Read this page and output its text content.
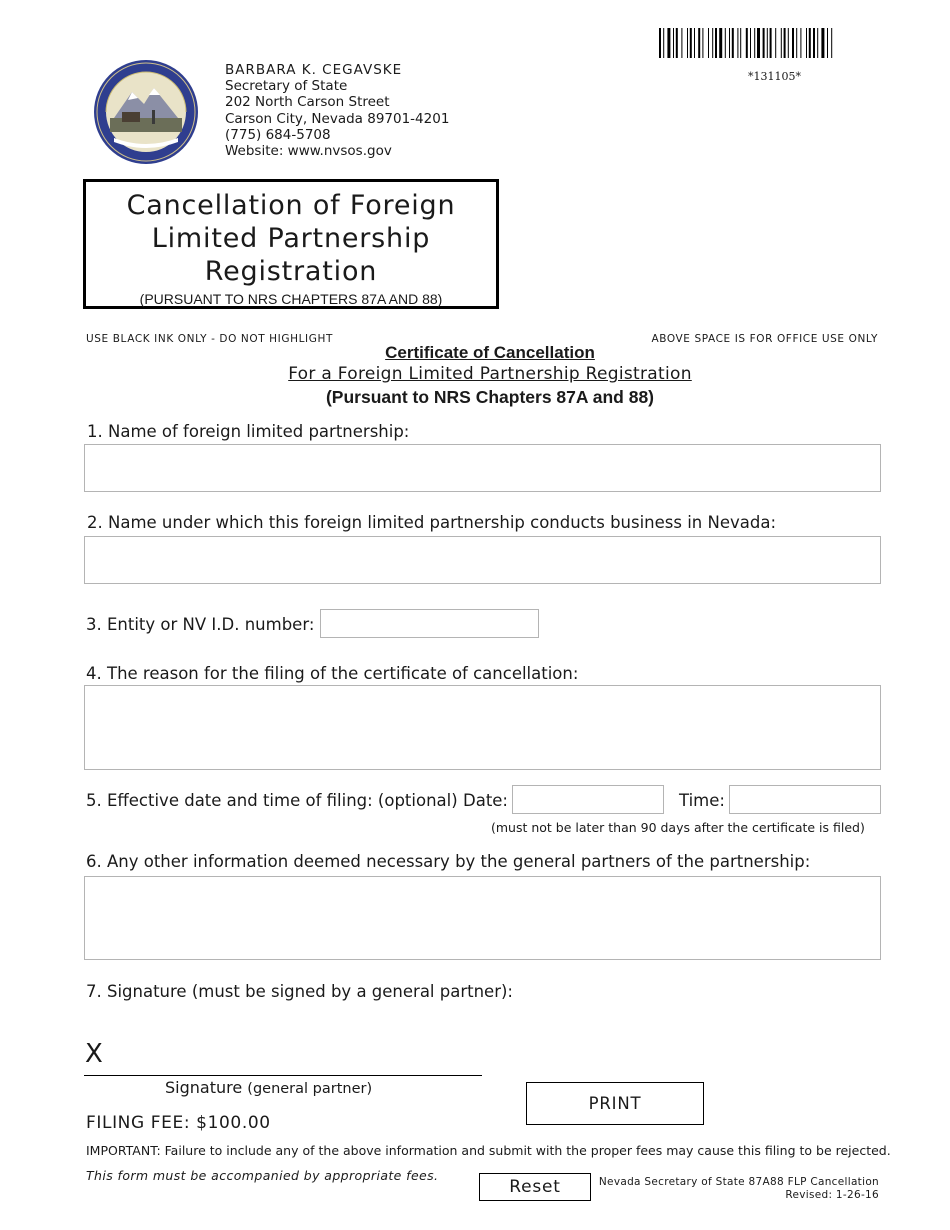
BARBARA K. CEGAVSKE
Secretary of State
202 North Carson Street
Carson City, Nevada 89701-4201
(775) 684-5708
Website: www.nvsos.gov
*131105*
Cancellation of Foreign
Limited Partnership
Registration
(PURSUANT TO NRS CHAPTERS 87A AND 88)
USE BLACK INK ONLY - DO NOT HIGHLIGHT	ABOVE SPACE IS FOR OFFICE USE ONLY
Certificate of Cancellation
For a Foreign Limited Partnership Registration
(Pursuant to NRS Chapters 87A and 88)
1. Name of foreign limited partnership:
2. Name under which this foreign limited partnership conducts business in Nevada:
3. Entity or NV I.D. number:
4. The reason for the filing of the certificate of cancellation:
5. Effective date and time of filing: (optional) Date:	Time:
(must not be later than 90 days after the certificate is filed)
6. Any other information deemed necessary by the general partners of the partnership:
7. Signature (must be signed by a general partner):
X
Signature (general partner)
PRINT
FILING FEE: $100.00
IMPORTANT: Failure to include any of the above information and submit with the proper fees may cause this filing to be rejected.
This form must be accompanied by appropriate fees.
Reset	Nevada Secretary of State 87A88 FLP Cancellation
Revised: 1-26-16
